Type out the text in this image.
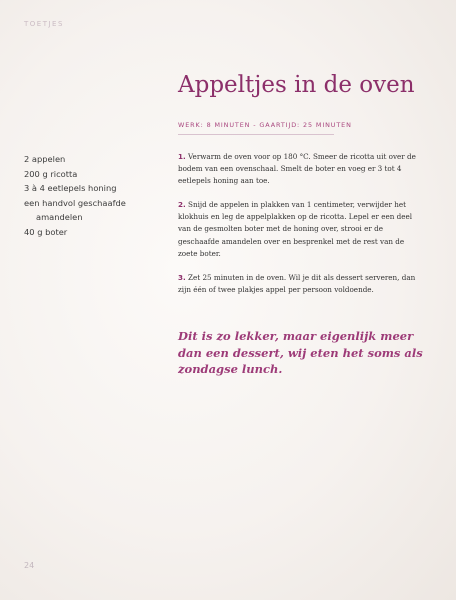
TOETJES
Appeltjes in de oven
WERK: 8 MINUTEN - GAARTIJD: 25 MINUTEN
2 appelen
200 g ricotta
3 à 4 eetlepels honing
een handvol geschaafde amandelen
40 g boter

1. Verwarm de oven voor op 180 °C. Smeer de ricotta uit over de bodem van een ovenschaal. Smelt de boter en voeg er 3 tot 4 eetlepels honing aan toe.

2. Snijd de appelen in plakken van 1 centimeter, verwijder het klokhuis en leg de appelplakken op de ricotta. Lepel er een deel van de gesmolten boter met de honing over, strooi er de geschaafde amandelen over en besprenkel met de rest van de zoete boter.

3. Zet 25 minuten in de oven. Wil je dit als dessert serveren, dan zijn één of twee plakjes appel per persoon voldoende.

Dit is zo lekker, maar eigenlijk meer dan een dessert, wij eten het soms als zondagse lunch.

24
